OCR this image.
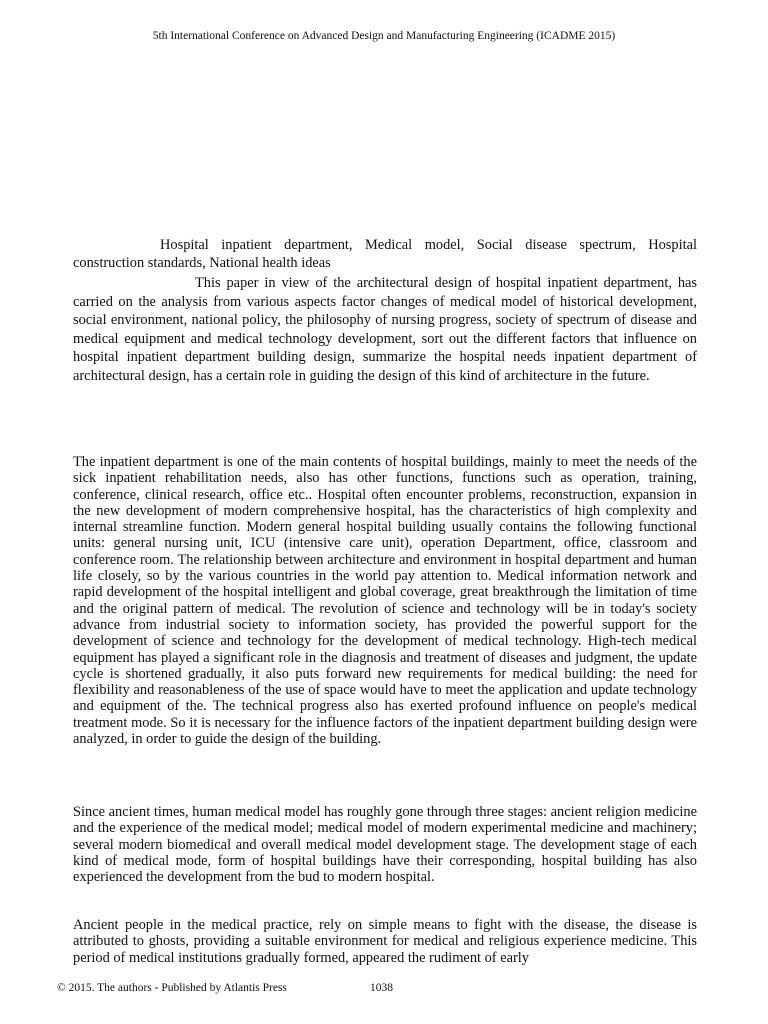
5th International Conference on Advanced Design and Manufacturing Engineering (ICADME 2015)
Hospital inpatient department, Medical model, Social disease spectrum, Hospital construction standards, National health ideas
This paper in view of the architectural design of hospital inpatient department, has carried on the analysis from various aspects factor changes of medical model of historical development, social environment, national policy, the philosophy of nursing progress, society of spectrum of disease and medical equipment and medical technology development, sort out the different factors that influence on hospital inpatient department building design, summarize the hospital needs inpatient department of architectural design, has a certain role in guiding the design of this kind of architecture in the future.

The inpatient department is one of the main contents of hospital buildings, mainly to meet the needs of the sick inpatient rehabilitation needs, also has other functions, functions such as operation, training, conference, clinical research, office etc.. Hospital often encounter problems, reconstruction, expansion in the new development of modern comprehensive hospital, has the characteristics of high complexity and internal streamline function. Modern general hospital building usually contains the following functional units: general nursing unit, ICU (intensive care unit), operation Department, office, classroom and conference room. The relationship between architecture and environment in hospital department and human life closely, so by the various countries in the world pay attention to. Medical information network and rapid development of the hospital intelligent and global coverage, great breakthrough the limitation of time and the original pattern of medical. The revolution of science and technology will be in today's society advance from industrial society to information society, has provided the powerful support for the development of science and technology for the development of medical technology. High-tech medical equipment has played a significant role in the diagnosis and treatment of diseases and judgment, the update cycle is shortened gradually, it also puts forward new requirements for medical building: the need for flexibility and reasonableness of the use of space would have to meet the application and update technology and equipment of the. The technical progress also has exerted profound influence on people's medical treatment mode. So it is necessary for the influence factors of the inpatient department building design were analyzed, in order to guide the design of the building.

Since ancient times, human medical model has roughly gone through three stages: ancient religion medicine and the experience of the medical model; medical model of modern experimental medicine and machinery; several modern biomedical and overall medical model development stage. The development stage of each kind of medical mode, form of hospital buildings have their corresponding, hospital building has also experienced the development from the bud to modern hospital.

Ancient people in the medical practice, rely on simple means to fight with the disease, the disease is attributed to ghosts, providing a suitable environment for medical and religious experience medicine. This period of medical institutions gradually formed, appeared the rudiment of early

© 2015. The authors - Published by Atlantis Press	1038
